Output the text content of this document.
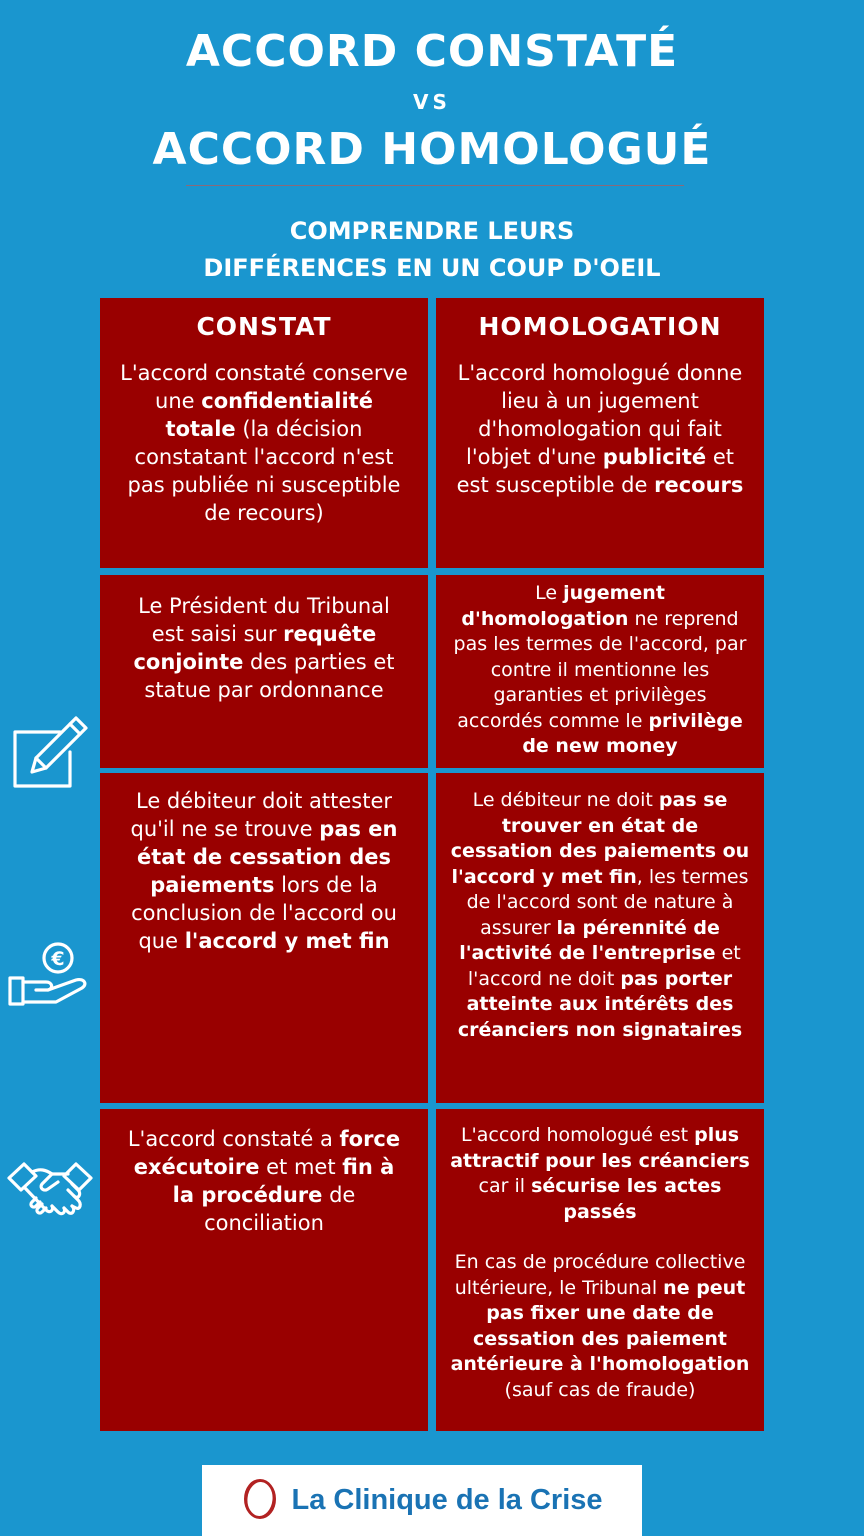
ACCORD CONSTATÉ
VS
ACCORD HOMOLOGUÉ
COMPRENDRE LEURS
DIFFÉRENCES EN UN COUP D'OEIL
CONSTAT
L'accord constaté conserve une confidentialité totale (la décision constatant l'accord n'est pas publiée ni susceptible de recours)
HOMOLOGATION
L'accord homologué donne lieu à un jugement d'homologation qui fait l'objet d'une publicité et est susceptible de recours
Le Président du Tribunal est saisi sur requête conjointe des parties et statue par ordonnance
Le jugement d'homologation ne reprend pas les termes de l'accord, par contre il mentionne les garanties et privilèges accordés comme le privilège de new money
Le débiteur doit attester qu'il ne se trouve pas en état de cessation des paiements lors de la conclusion de l'accord ou que l'accord y met fin
Le débiteur ne doit pas se trouver en état de cessation des paiements ou l'accord y met fin, les termes de l'accord sont de nature à assurer la pérennité de l'activité de l'entreprise et l'accord ne doit pas porter atteinte aux intérêts des créanciers non signataires
L'accord constaté a force exécutoire et met fin à la procédure de conciliation
L'accord homologué est plus attractif pour les créanciers car il sécurise les actes passés
En cas de procédure collective ultérieure, le Tribunal ne peut pas fixer une date de cessation des paiement antérieure à l'homologation (sauf cas de fraude)
€
La Clinique de la Crise
